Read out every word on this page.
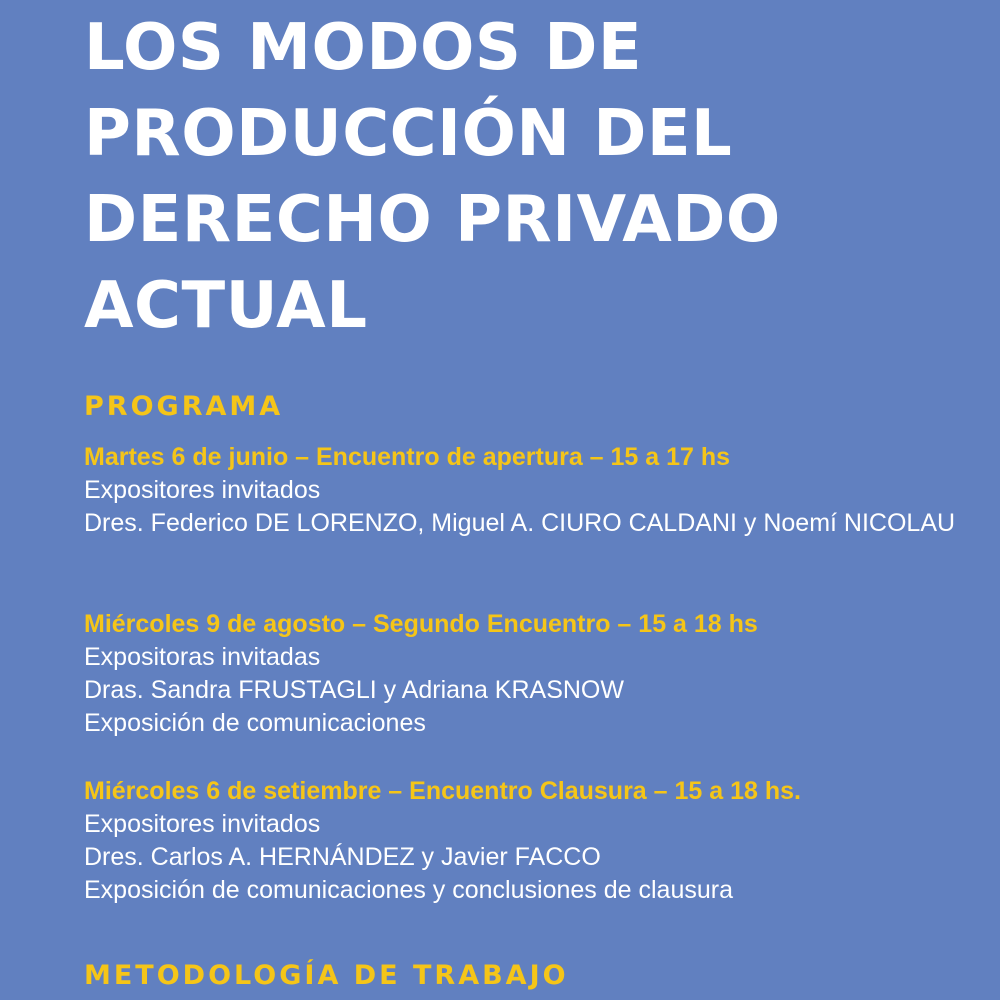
LOS MODOS DE
PRODUCCIÓN DEL
DERECHO PRIVADO
ACTUAL
PROGRAMA
Martes 6 de junio – Encuentro de apertura – 15 a 17 hs
Expositores invitados
Dres. Federico DE LORENZO, Miguel A. CIURO CALDANI y Noemí NICOLAU
Miércoles 9 de agosto – Segundo Encuentro – 15 a 18 hs
Expositoras invitadas
Dras. Sandra FRUSTAGLI y Adriana KRASNOW
Exposición de comunicaciones
Miércoles 6 de setiembre – Encuentro Clausura – 15 a 18 hs.
Expositores invitados
Dres. Carlos A. HERNÁNDEZ y Javier FACCO
Exposición de comunicaciones y conclusiones de clausura
METODOLOGÍA DE TRABAJO
